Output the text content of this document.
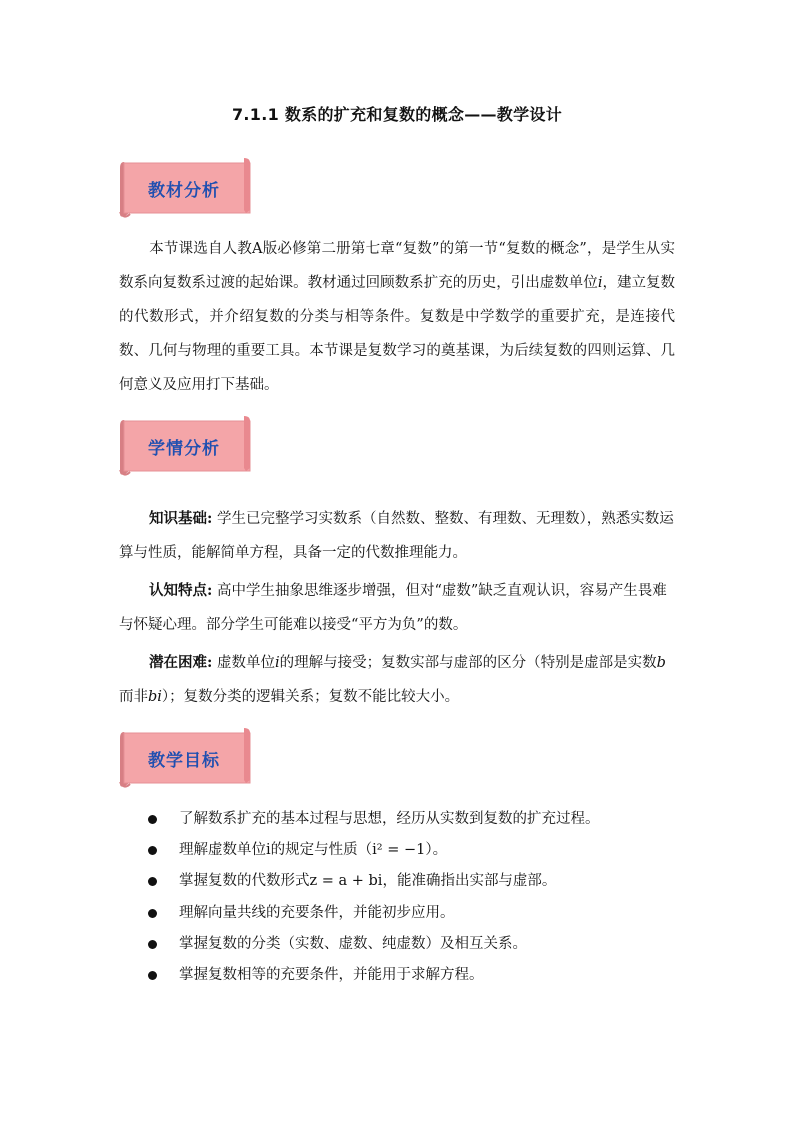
7.1.1 数系的扩充和复数的概念——教学设计
教材分析
本节课选自人教A版必修第二册第七章“复数”的第一节“复数的概念”，是学生从实数系向复数系过渡的起始课。教材通过回顾数系扩充的历史，引出虚数单位i，建立复数的代数形式，并介绍复数的分类与相等条件。复数是中学数学的重要扩充，是连接代数、几何与物理的重要工具。本节课是复数学习的奠基课，为后续复数的四则运算、几何意义及应用打下基础。
学情分析
知识基础: 学生已完整学习实数系（自然数、整数、有理数、无理数），熟悉实数运算与性质，能解简单方程，具备一定的代数推理能力。
认知特点: 高中学生抽象思维逐步增强，但对“虚数”缺乏直观认识，容易产生畏难与怀疑心理。部分学生可能难以接受“平方为负”的数。
潜在困难: 虚数单位i的理解与接受；复数实部与虚部的区分（特别是虚部是实数b而非bi）；复数分类的逻辑关系；复数不能比较大小。
教学目标
了解数系扩充的基本过程与思想，经历从实数到复数的扩充过程。
理解虚数单位i的规定与性质（i² = −1）。
掌握复数的代数形式z = a + bi，能准确指出实部与虚部。
理解向量共线的充要条件，并能初步应用。
掌握复数的分类（实数、虚数、纯虚数）及相互关系。
掌握复数相等的充要条件，并能用于求解方程。
